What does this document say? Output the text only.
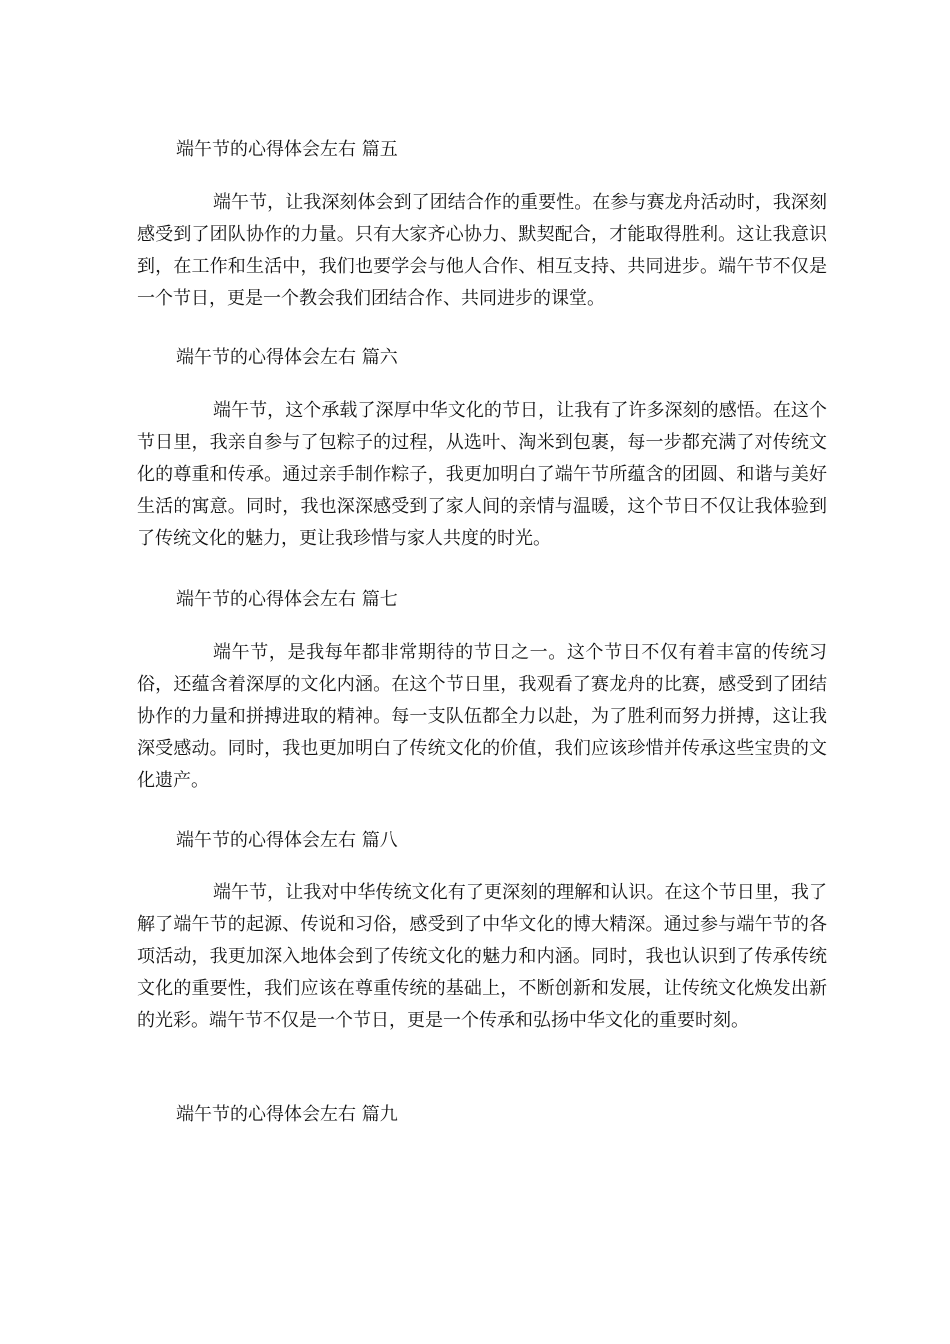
端午节的心得体会左右 篇五

端午节，让我深刻体会到了团结合作的重要性。在参与赛龙舟活动时，我深刻感受到了团队协作的力量。只有大家齐心协力、默契配合，才能取得胜利。这让我意识到，在工作和生活中，我们也要学会与他人合作、相互支持、共同进步。端午节不仅是一个节日，更是一个教会我们团结合作、共同进步的课堂。

端午节的心得体会左右 篇六

端午节，这个承载了深厚中华文化的节日，让我有了许多深刻的感悟。在这个节日里，我亲自参与了包粽子的过程，从选叶、淘米到包裹，每一步都充满了对传统文化的尊重和传承。通过亲手制作粽子，我更加明白了端午节所蕴含的团圆、和谐与美好生活的寓意。同时，我也深深感受到了家人间的亲情与温暖，这个节日不仅让我体验到了传统文化的魅力，更让我珍惜与家人共度的时光。

端午节的心得体会左右 篇七

端午节，是我每年都非常期待的节日之一。这个节日不仅有着丰富的传统习俗，还蕴含着深厚的文化内涵。在这个节日里，我观看了赛龙舟的比赛，感受到了团结协作的力量和拼搏进取的精神。每一支队伍都全力以赴，为了胜利而努力拼搏，这让我深受感动。同时，我也更加明白了传统文化的价值，我们应该珍惜并传承这些宝贵的文化遗产。

端午节的心得体会左右 篇八

端午节，让我对中华传统文化有了更深刻的理解和认识。在这个节日里，我了解了端午节的起源、传说和习俗，感受到了中华文化的博大精深。通过参与端午节的各项活动，我更加深入地体会到了传统文化的魅力和内涵。同时，我也认识到了传承传统文化的重要性，我们应该在尊重传统的基础上，不断创新和发展，让传统文化焕发出新的光彩。端午节不仅是一个节日，更是一个传承和弘扬中华文化的重要时刻。

端午节的心得体会左右 篇九
